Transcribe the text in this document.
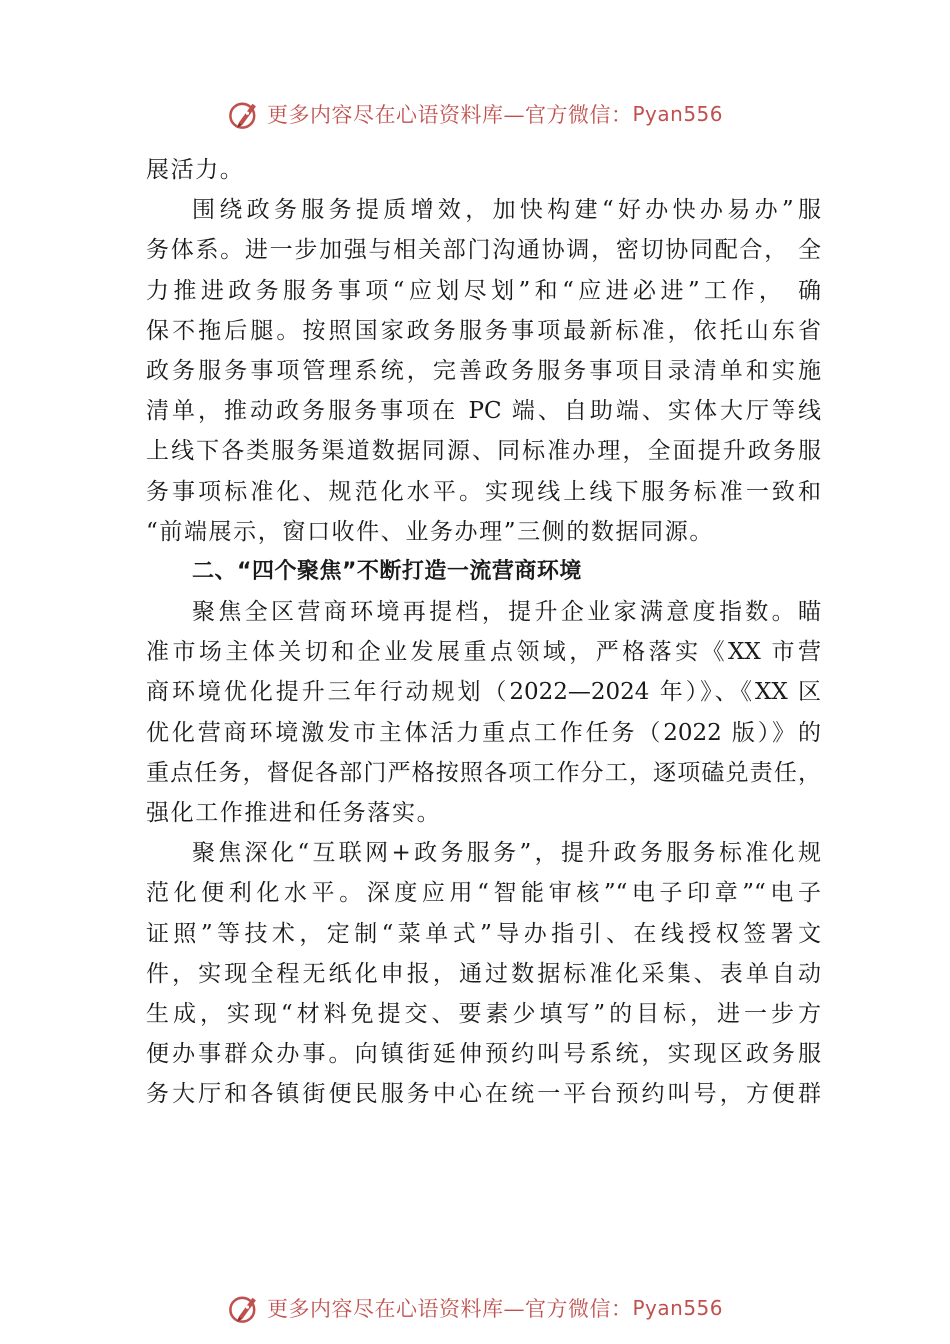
更多内容尽在心语资料库—官方微信： Pyan556
展活力。
围绕政务服务提质增效，加快构建“好办快办易办”服
务体系。进一步加强与相关部门沟通协调，密切协同配合， 全
力推进政务服务事项“应划尽划”和“应进必进”工作， 确
保不拖后腿。按照国家政务服务事项最新标准，依托山东省
政务服务事项管理系统，完善政务服务事项目录清单和实施
清单，推动政务服务事项在 PC 端、自助端、实体大厅等线
上线下各类服务渠道数据同源、同标准办理，全面提升政务服
务事项标准化、规范化水平。实现线上线下服务标准一致和
“前端展示，窗口收件、业务办理”三侧的数据同源。
二、“四个聚焦”不断打造一流营商环境
聚焦全区营商环境再提档，提升企业家满意度指数。瞄
准市场主体关切和企业发展重点领域，严格落实《XX 市营
商环境优化提升三年行动规划（2022—2024 年）》、《XX 区
优化营商环境激发市主体活力重点工作任务（2022 版）》的
重点任务，督促各部门严格按照各项工作分工，逐项磕兑责任，
强化工作推进和任务落实。
聚焦深化“互联网+政务服务”，提升政务服务标准化规
范化便利化水平。深度应用“智能审核”“电子印章”“电子
证照”等技术，定制“菜单式”导办指引、在线授权签署文
件，实现全程无纸化申报，通过数据标准化采集、表单自动
生成，实现“材料免提交、要素少填写”的目标，进一步方
便办事群众办事。向镇街延伸预约叫号系统，实现区政务服
务大厅和各镇街便民服务中心在统一平台预约叫号，方便群
更多内容尽在心语资料库—官方微信： Pyan556
